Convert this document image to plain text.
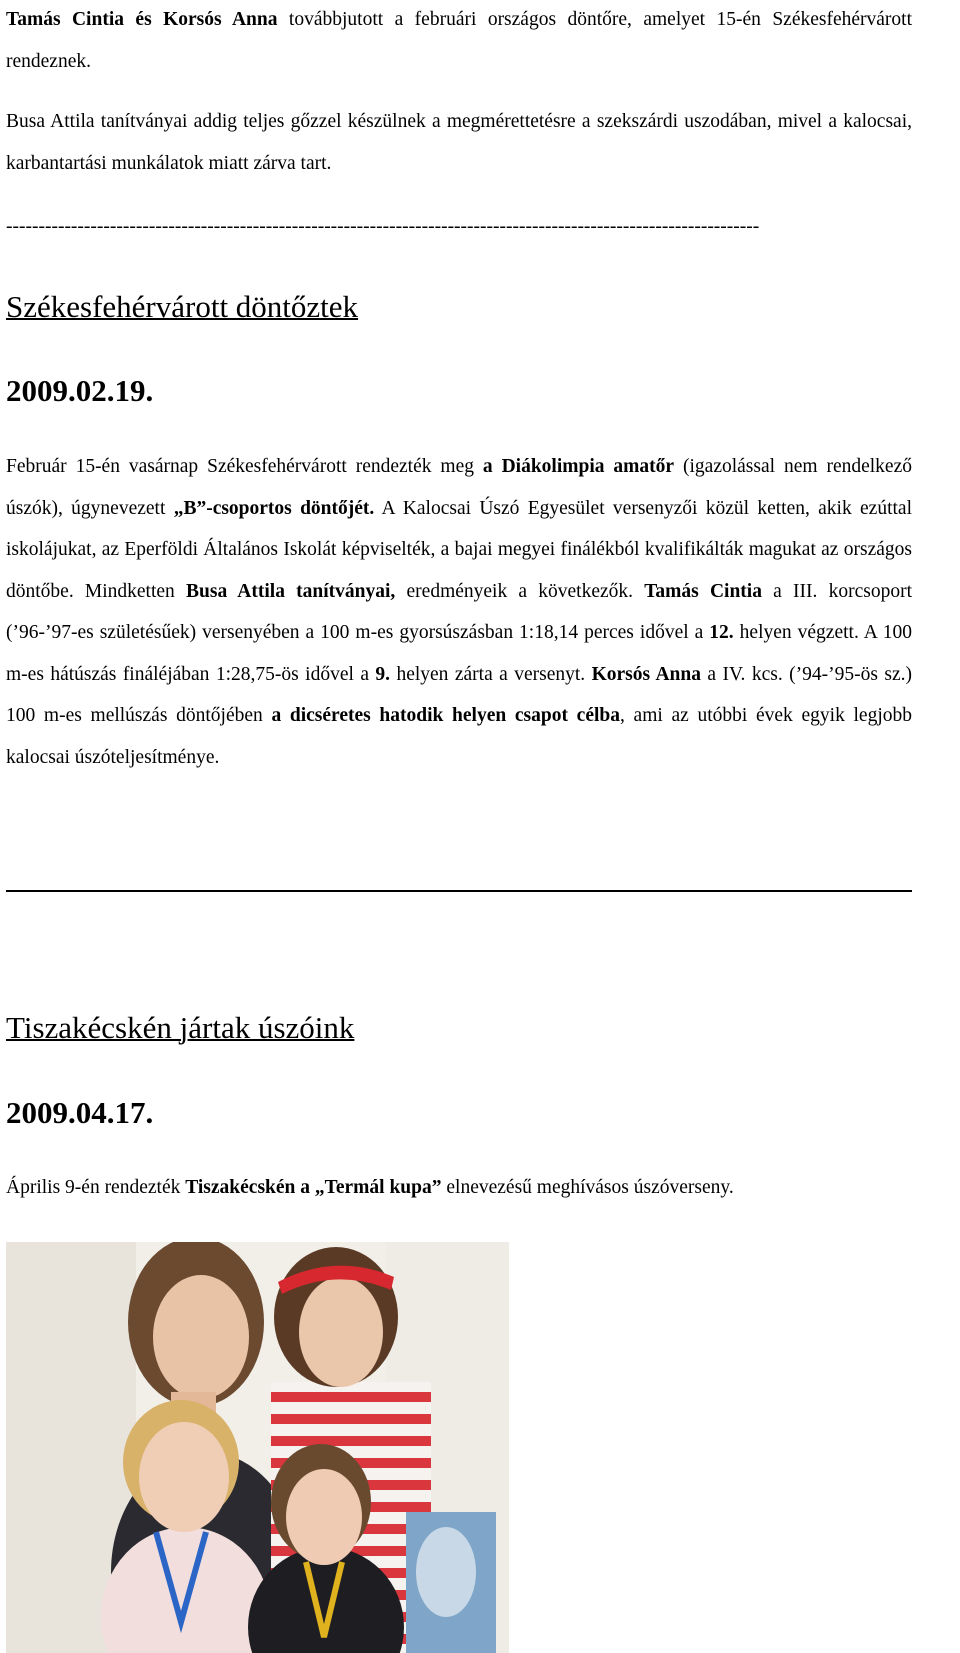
Tamás Cintia és Korsós Anna továbbjutott a februári országos döntőre, amelyet 15-én Székesfehérvárott rendeznek.

Busa Attila tanítványai addig teljes gőzzel készülnek a megmérettetésre a szekszárdi uszodában, mivel a kalocsai, karbantartási munkálatok miatt zárva tart.

--------------------------------------------------------------------------------------------------------------------
Székesfehérvárott döntőztek
2009.02.19.

Február 15-én vasárnap Székesfehérvárott rendezték meg a Diákolimpia amatőr (igazolással nem rendelkező úszók), úgynevezett „B”-csoportos döntőjét. A Kalocsai Úszó Egyesület versenyzői közül ketten, akik ezúttal iskolájukat, az Eperföldi Általános Iskolát képviselték, a bajai megyei finálékból kvalifikálták magukat az országos döntőbe. Mindketten Busa Attila tanítványai, eredményeik a következők. Tamás Cintia a III. korcsoport (’96-’97-es születésűek) versenyében a 100 m-es gyorsúszásban 1:18,14 perces idővel a 12. helyen végzett. A 100 m-es hátúszás fináléjában 1:28,75-ös idővel a 9. helyen zárta a versenyt. Korsós Anna a IV. kcs. (’94-’95-ös sz.) 100 m-es mellúszás döntőjében a dicséretes hatodik helyen csapot célba, ami az utóbbi évek egyik legjobb kalocsai úszóteljesítménye.

Tiszakécskén jártak úszóink
2009.04.17.

Április 9-én rendezték Tiszakécskén a „Termál kupa” elnevezésű meghívásos úszóverseny.
